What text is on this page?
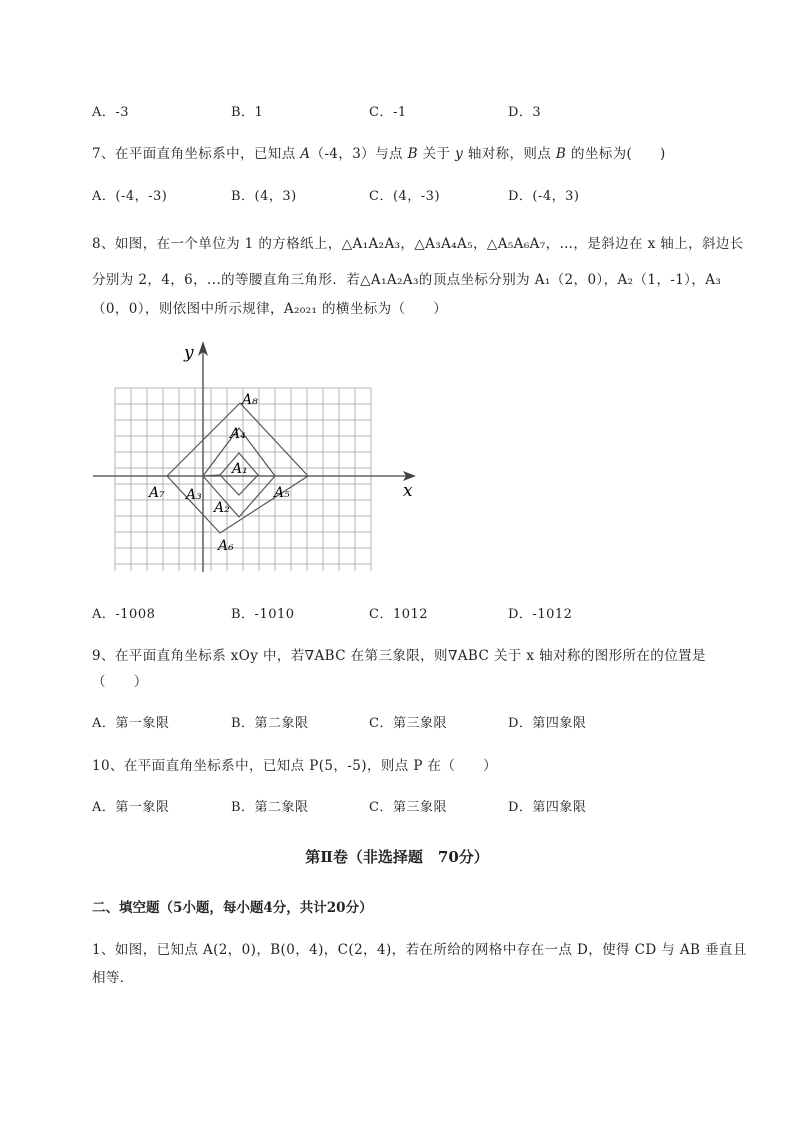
A．-3	B．1	C．-1	D．3
7、在平面直角坐标系中，已知点 A（-4，3）与点 B 关于 y 轴对称，则点 B 的坐标为(　　)
A．(-4，-3)	B．(4，3)	C．(4，-3)	D．(-4，3)
8、如图，在一个单位为 1 的方格纸上，△A₁A₂A₃，△A₃A₄A₅，△A₅A₆A₇，…，是斜边在 x 轴上，斜边长
分别为 2，4，6，...的等腰直角三角形．若△A₁A₂A₃的顶点坐标分别为 A₁（2，0），A₂（1，-1），A₃
（0，0），则依图中所示规律，A₂₀₂₁ 的横坐标为（　　）
x
y
A₈
A₄
A₁
A₇ A₃	A₅
A₂
A₆
A．-1008	B．-1010	C．1012	D．-1012
9、在平面直角坐标系 xOy 中，若∇ABC 在第三象限，则∇ABC 关于 x 轴对称的图形所在的位置是
（　　）
A．第一象限	B．第二象限	C．第三象限	D．第四象限
10、在平面直角坐标系中，已知点 P(5，-5)，则点 P 在（　　）
A．第一象限	B．第二象限	C．第三象限	D．第四象限
第Ⅱ卷（非选择题　70分）
二、填空题（5小题，每小题4分，共计20分）
1、如图，已知点 A(2，0)，B(0，4)，C(2，4)，若在所给的网格中存在一点 D，使得 CD 与 AB 垂直且
相等．
